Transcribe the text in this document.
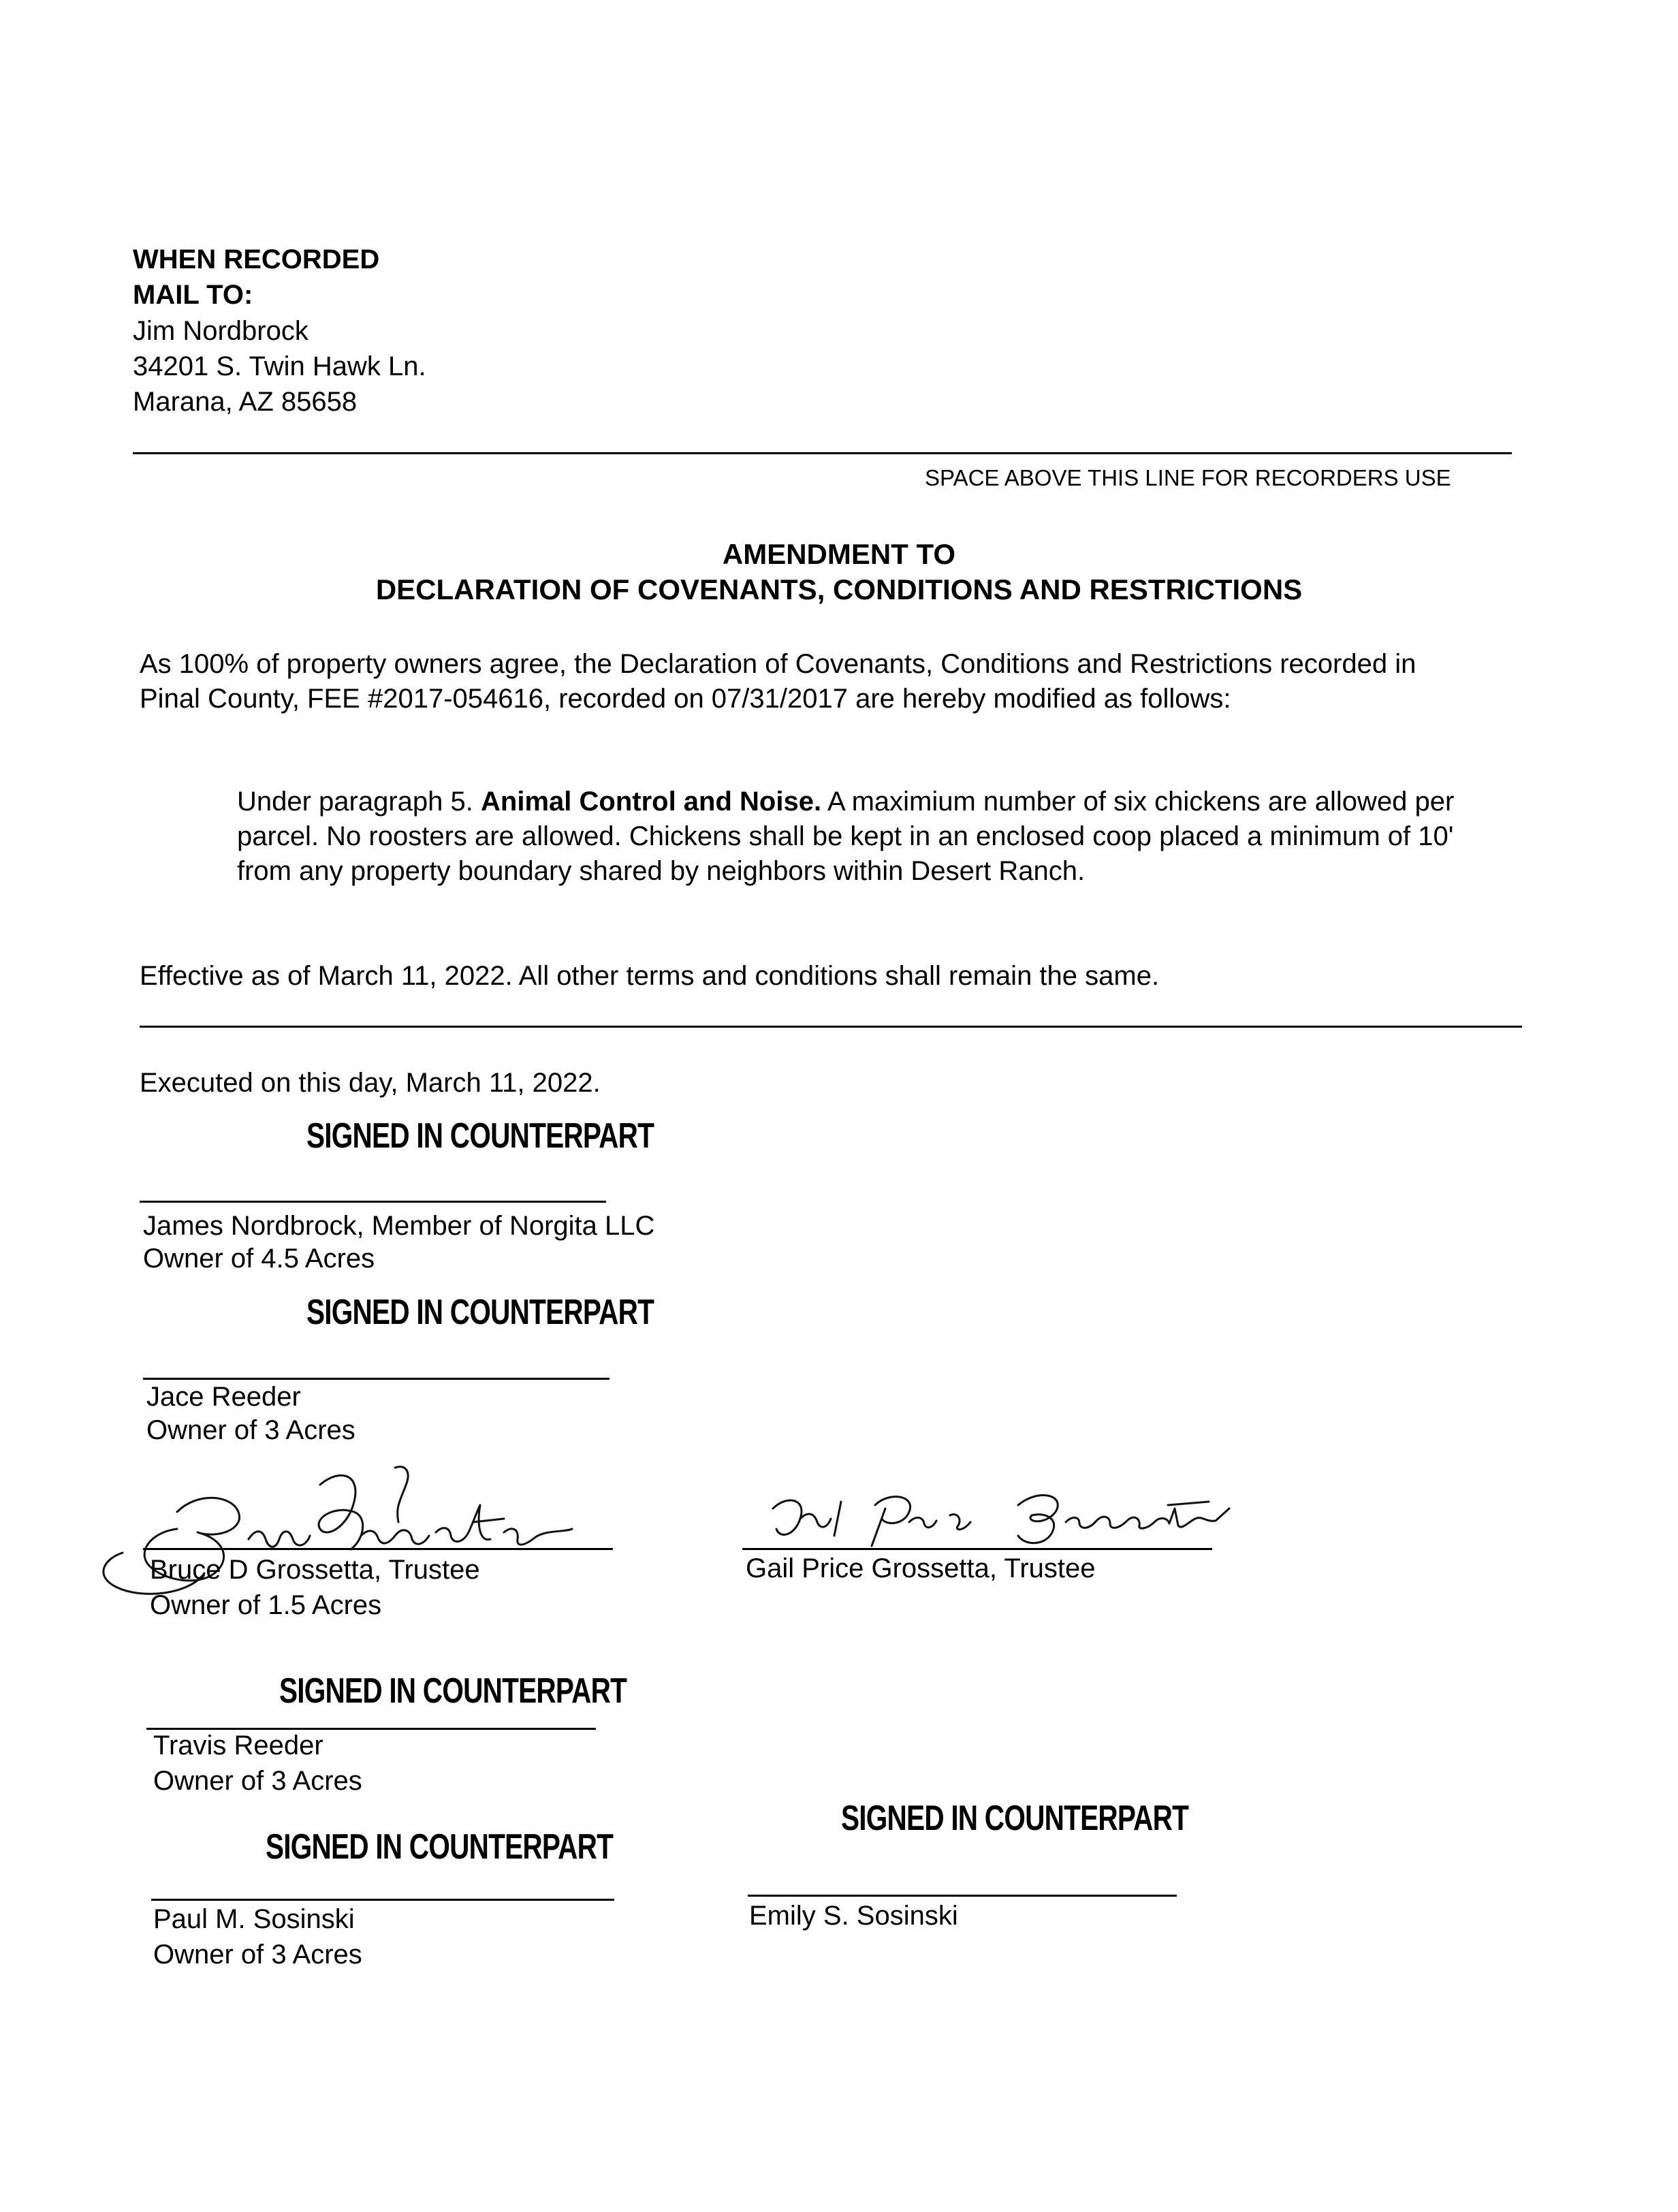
WHEN RECORDED
MAIL TO:
Jim Nordbrock
34201 S. Twin Hawk Ln.
Marana, AZ 85658
SPACE ABOVE THIS LINE FOR RECORDERS USE
AMENDMENT TO
DECLARATION OF COVENANTS, CONDITIONS AND RESTRICTIONS
As 100% of property owners agree, the Declaration of Covenants, Conditions and Restrictions recorded in Pinal County, FEE #2017-054616, recorded on 07/31/2017 are hereby modified as follows:
Under paragraph 5. Animal Control and Noise. A maximium number of six chickens are allowed per parcel. No roosters are allowed. Chickens shall be kept in an enclosed coop placed a minimum of 10' from any property boundary shared by neighbors within Desert Ranch.
Effective as of March 11, 2022. All other terms and conditions shall remain the same.
Executed on this day, March 11, 2022.
SIGNED IN COUNTERPART
James Nordbrock, Member of Norgita LLC
Owner of 4.5 Acres
SIGNED IN COUNTERPART
Jace Reeder
Owner of 3 Acres
Bruce D Grossetta, Trustee
Owner of 1.5 Acres
Gail Price Grossetta, Trustee
SIGNED IN COUNTERPART
Travis Reeder
Owner of 3 Acres
SIGNED IN COUNTERPART
Paul M. Sosinski
Owner of 3 Acres
SIGNED IN COUNTERPART
Emily S. Sosinski
